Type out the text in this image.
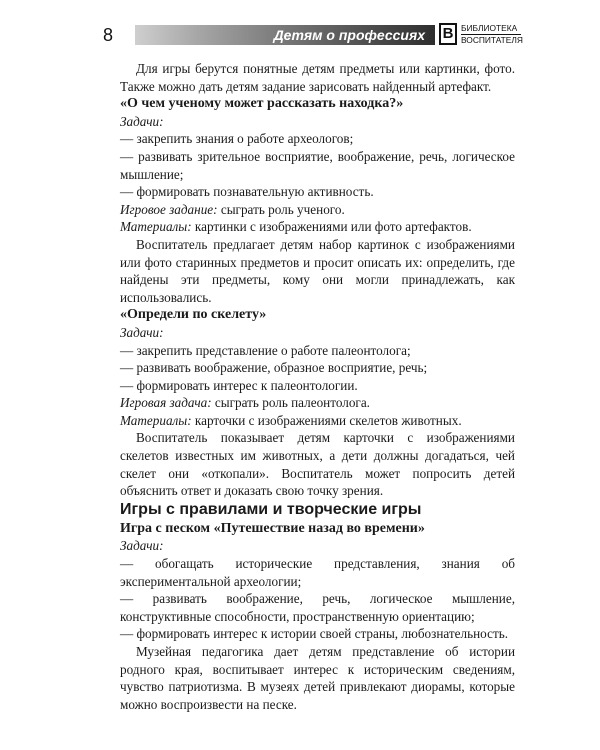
8	Детям о профессиях	В БИБЛИОТЕКА
ВОСПИТАТЕЛЯ

Для игры берутся понятные детям предметы или картинки, фото. Также можно дать детям задание зарисовать найденный артефакт.

«О чем ученому может рассказать находка?»

Задачи:

— закрепить знания о работе археологов;

— развивать зрительное восприятие, воображение, речь, логическое мышление;

— формировать познавательную активность.

Игровое задание: сыграть роль ученого.

Материалы: картинки с изображениями или фото артефактов.

Воспитатель предлагает детям набор картинок с изображениями или фото старинных предметов и просит описать их: определить, где найдены эти предметы, кому они могли принадлежать, как использовались.

«Определи по скелету»

Задачи:

— закрепить представление о работе палеонтолога;

— развивать воображение, образное восприятие, речь;

— формировать интерес к палеонтологии.

Игровая задача: сыграть роль палеонтолога.

Материалы: карточки с изображениями скелетов животных.

Воспитатель показывает детям карточки с изображениями скелетов известных им животных, а дети должны догадаться, чей скелет они «откопали». Воспитатель может попросить детей объяснить ответ и доказать свою точку зрения.

Игры с правилами и творческие игры

Игра с песком «Путешествие назад во времени»

Задачи:

— обогащать исторические представления, знания об экспериментальной археологии;

— развивать воображение, речь, логическое мышление, конструктивные способности, пространственную ориентацию;

— формировать интерес к истории своей страны, любознательность.

Музейная педагогика дает детям представление об истории родного края, воспитывает интерес к историческим сведениям, чувство патриотизма. В музеях детей привлекают диорамы, которые можно воспроизвести на песке.
